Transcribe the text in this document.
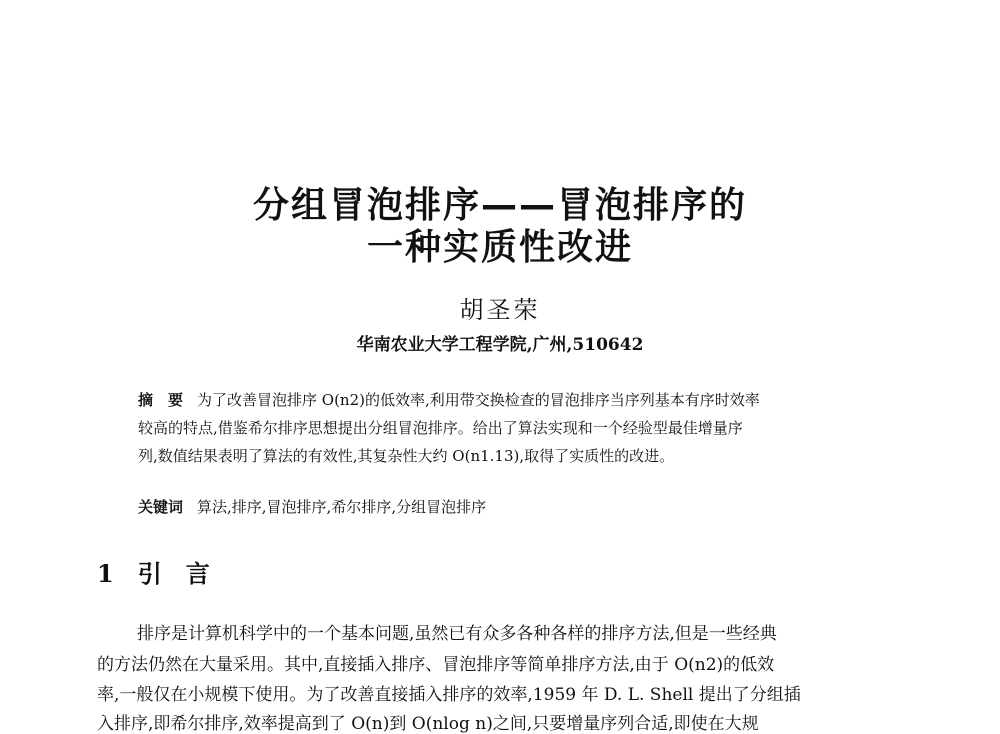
分组冒泡排序——冒泡排序的
一种实质性改进
胡圣荣
华南农业大学工程学院,广州,510642
摘　要 为了改善冒泡排序 O(n2)的低效率,利用带交换检查的冒泡排序当序列基本有序时效率
较高的特点,借鉴希尔排序思想提出分组冒泡排序。给出了算法实现和一个经验型最佳增量序
列,数值结果表明了算法的有效性,其复杂性大约 O(n1.13),取得了实质性的改进。
关键词 算法,排序,冒泡排序,希尔排序,分组冒泡排序
1 引 言
排序是计算机科学中的一个基本问题,虽然已有众多各种各样的排序方法,但是一些经典
的方法仍然在大量采用。其中,直接插入排序、冒泡排序等简单排序方法,由于 O(n2)的低效
率,一般仅在小规模下使用。为了改善直接插入排序的效率,1959 年 D. L. Shell 提出了分组插
入排序,即希尔排序,效率提高到了 O(n)到 O(nlog n)之间,只要增量序列合适,即使在大规
